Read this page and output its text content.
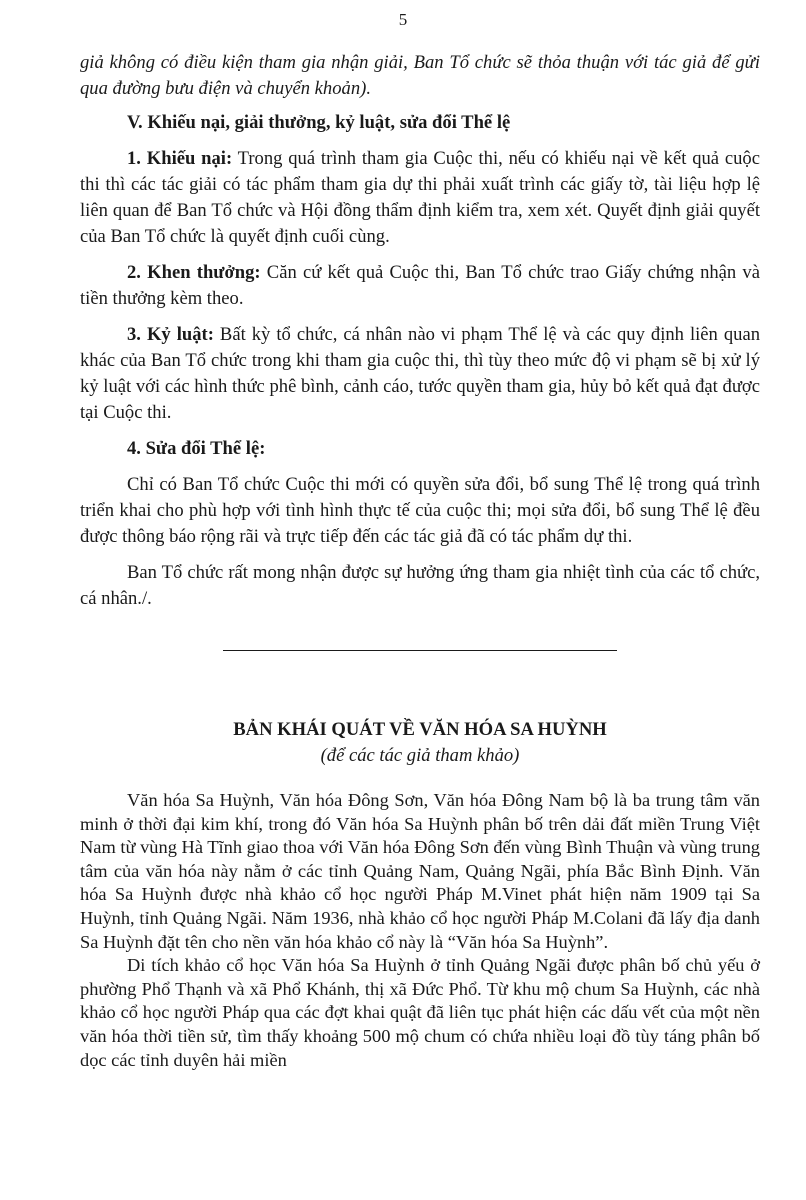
5

giả không có điều kiện tham gia nhận giải, Ban Tổ chức sẽ thỏa thuận với tác giả để gửi qua đường bưu điện và chuyển khoản).

V. Khiếu nại, giải thưởng, kỷ luật, sửa đổi Thể lệ

1. Khiếu nại: Trong quá trình tham gia Cuộc thi, nếu có khiếu nại về kết quả cuộc thi thì các tác giải có tác phẩm tham gia dự thi phải xuất trình các giấy tờ, tài liệu hợp lệ liên quan để Ban Tổ chức và Hội đồng thẩm định kiểm tra, xem xét. Quyết định giải quyết của Ban Tổ chức là quyết định cuối cùng.

2. Khen thưởng: Căn cứ kết quả Cuộc thi, Ban Tổ chức trao Giấy chứng nhận và tiền thưởng kèm theo.

3. Kỷ luật: Bất kỳ tổ chức, cá nhân nào vi phạm Thể lệ và các quy định liên quan khác của Ban Tổ chức trong khi tham gia cuộc thi, thì tùy theo mức độ vi phạm sẽ bị xử lý kỷ luật với các hình thức phê bình, cảnh cáo, tước quyền tham gia, hủy bỏ kết quả đạt được tại Cuộc thi.

4. Sửa đổi Thể lệ:

Chỉ có Ban Tổ chức Cuộc thi mới có quyền sửa đổi, bổ sung Thể lệ trong quá trình triển khai cho phù hợp với tình hình thực tế của cuộc thi; mọi sửa đổi, bổ sung Thể lệ đều được thông báo rộng rãi và trực tiếp đến các tác giả đã có tác phẩm dự thi.

Ban Tổ chức rất mong nhận được sự hưởng ứng tham gia nhiệt tình của các tổ chức, cá nhân./.

BẢN KHÁI QUÁT VỀ VĂN HÓA SA HUỲNH
(để các tác giả tham khảo)

Văn hóa Sa Huỳnh, Văn hóa Đông Sơn, Văn hóa Đông Nam bộ là ba trung tâm văn minh ở thời đại kim khí, trong đó Văn hóa Sa Huỳnh phân bố trên dải đất miền Trung Việt Nam từ vùng Hà Tĩnh giao thoa với Văn hóa Đông Sơn đến vùng Bình Thuận và vùng trung tâm của văn hóa này nằm ở các tỉnh Quảng Nam, Quảng Ngãi, phía Bắc Bình Định. Văn hóa Sa Huỳnh được nhà khảo cổ học người Pháp M.Vinet phát hiện năm 1909 tại Sa Huỳnh, tỉnh Quảng Ngãi. Năm 1936, nhà khảo cổ học người Pháp M.Colani đã lấy địa danh Sa Huỳnh đặt tên cho nền văn hóa khảo cổ này là “Văn hóa Sa Huỳnh”.

Di tích khảo cổ học Văn hóa Sa Huỳnh ở tỉnh Quảng Ngãi được phân bố chủ yếu ở phường Phổ Thạnh và xã Phổ Khánh, thị xã Đức Phổ. Từ khu mộ chum Sa Huỳnh, các nhà khảo cổ học người Pháp qua các đợt khai quật đã liên tục phát hiện các dấu vết của một nền văn hóa thời tiền sử, tìm thấy khoảng 500 mộ chum có chứa nhiều loại đồ tùy táng phân bố dọc các tỉnh duyên hải miền
